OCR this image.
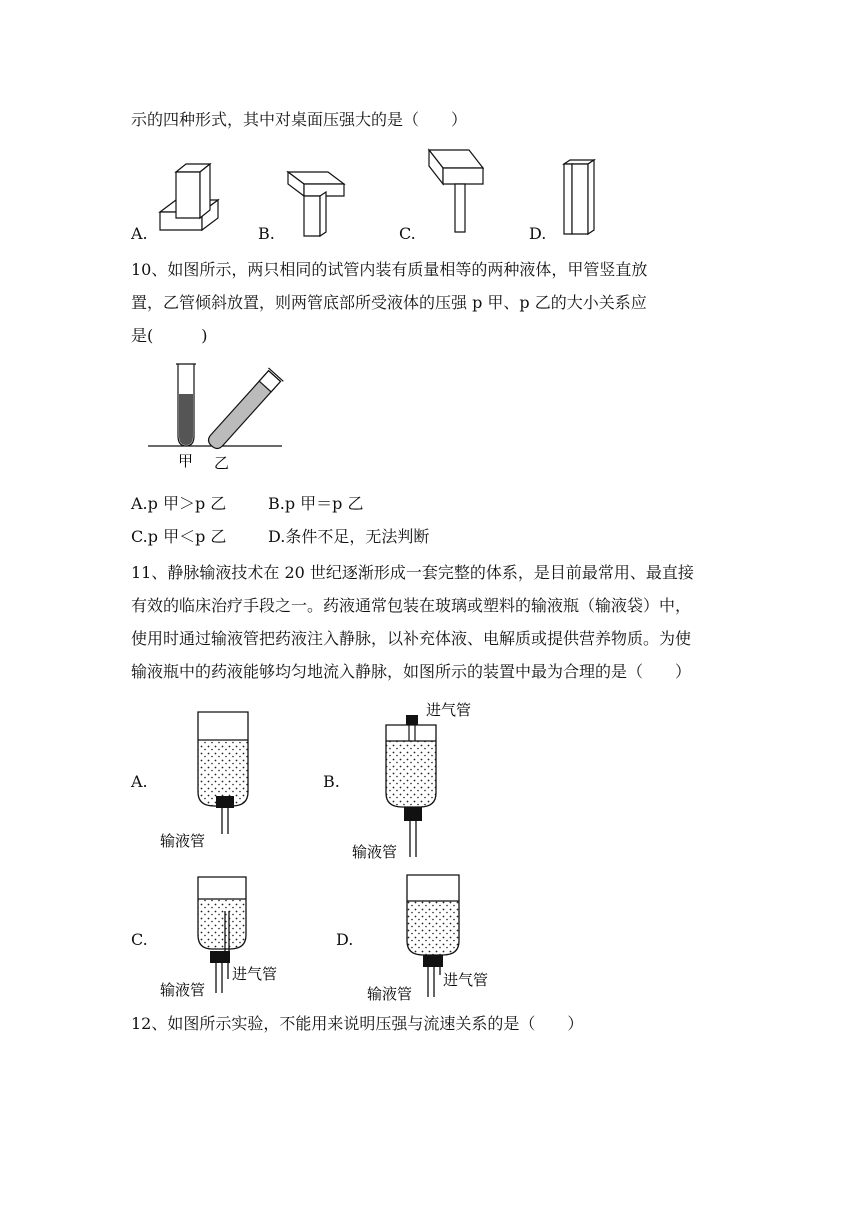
示的四种形式，其中对桌面压强大的是（　　）
A.	B.	C.	D.
10、如图所示，两只相同的试管内装有质量相等的两种液体，甲管竖直放
置，乙管倾斜放置，则两管底部所受液体的压强 p 甲、p 乙的大小关系应
是(　　　)
甲 乙
A.p 甲＞p 乙	B.p 甲＝p 乙
C.p 甲＜p 乙	D.条件不足，无法判断
11、静脉输液技术在 20 世纪逐渐形成一套完整的体系，是目前最常用、最直接
有效的临床治疗手段之一。药液通常包装在玻璃或塑料的输液瓶（输液袋）中，
使用时通过输液管把药液注入静脉，以补充体液、电解质或提供营养物质。为使
输液瓶中的药液能够均匀地流入静脉，如图所示的装置中最为合理的是（　　）
A.
输液管
B.
进气管
输液管
C.
进气管
输液管
D.
进气管
输液管
12、如图所示实验，不能用来说明压强与流速关系的是（　　）
